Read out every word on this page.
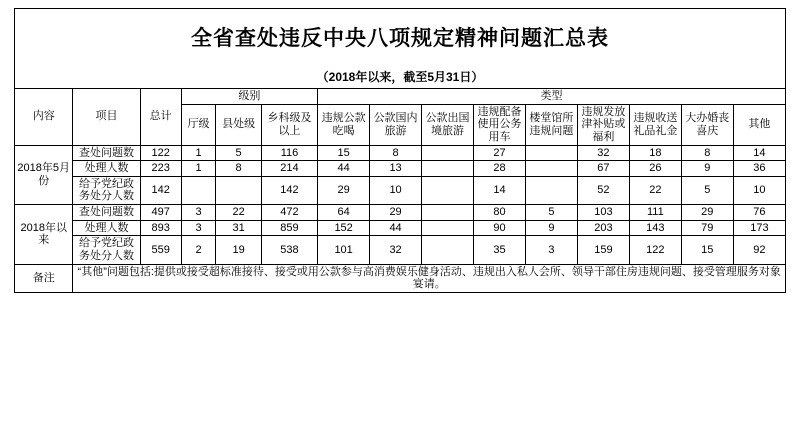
全省查处违反中央八项规定精神问题汇总表
（2018年以来，截至5月31日）
内容	项目	总计	级别			类型								
			厅级	县处级	乡科级及以上	违规公款吃喝	公款国内旅游	公款出国境旅游	违规配备使用公务用车	楼堂馆所违规问题	违规发放津补贴或福利	违规收送礼品礼金	大办婚丧喜庆	其他
2018年5月份	查处问题数	122	1	5	116	15	8		27		32	18	8	14
	处理人数	223	1	8	214	44	13		28		67	26	9	36
	给予党纪政务处分人数	142			142	29	10		14		52	22	5	10
2018年以来	查处问题数	497	3	22	472	64	29		80	5	103	111	29	76
	处理人数	893	3	31	859	152	44		90	9	203	143	79	173
	给予党纪政务处分人数	559	2	19	538	101	32		35	3	159	122	15	92
备注	“其他”问题包括:提供或接受超标准接待、接受或用公款参与高消费娱乐健身活动、违规出入私人会所、领导干部住房违规问题、接受管理服务对象宴请。													
